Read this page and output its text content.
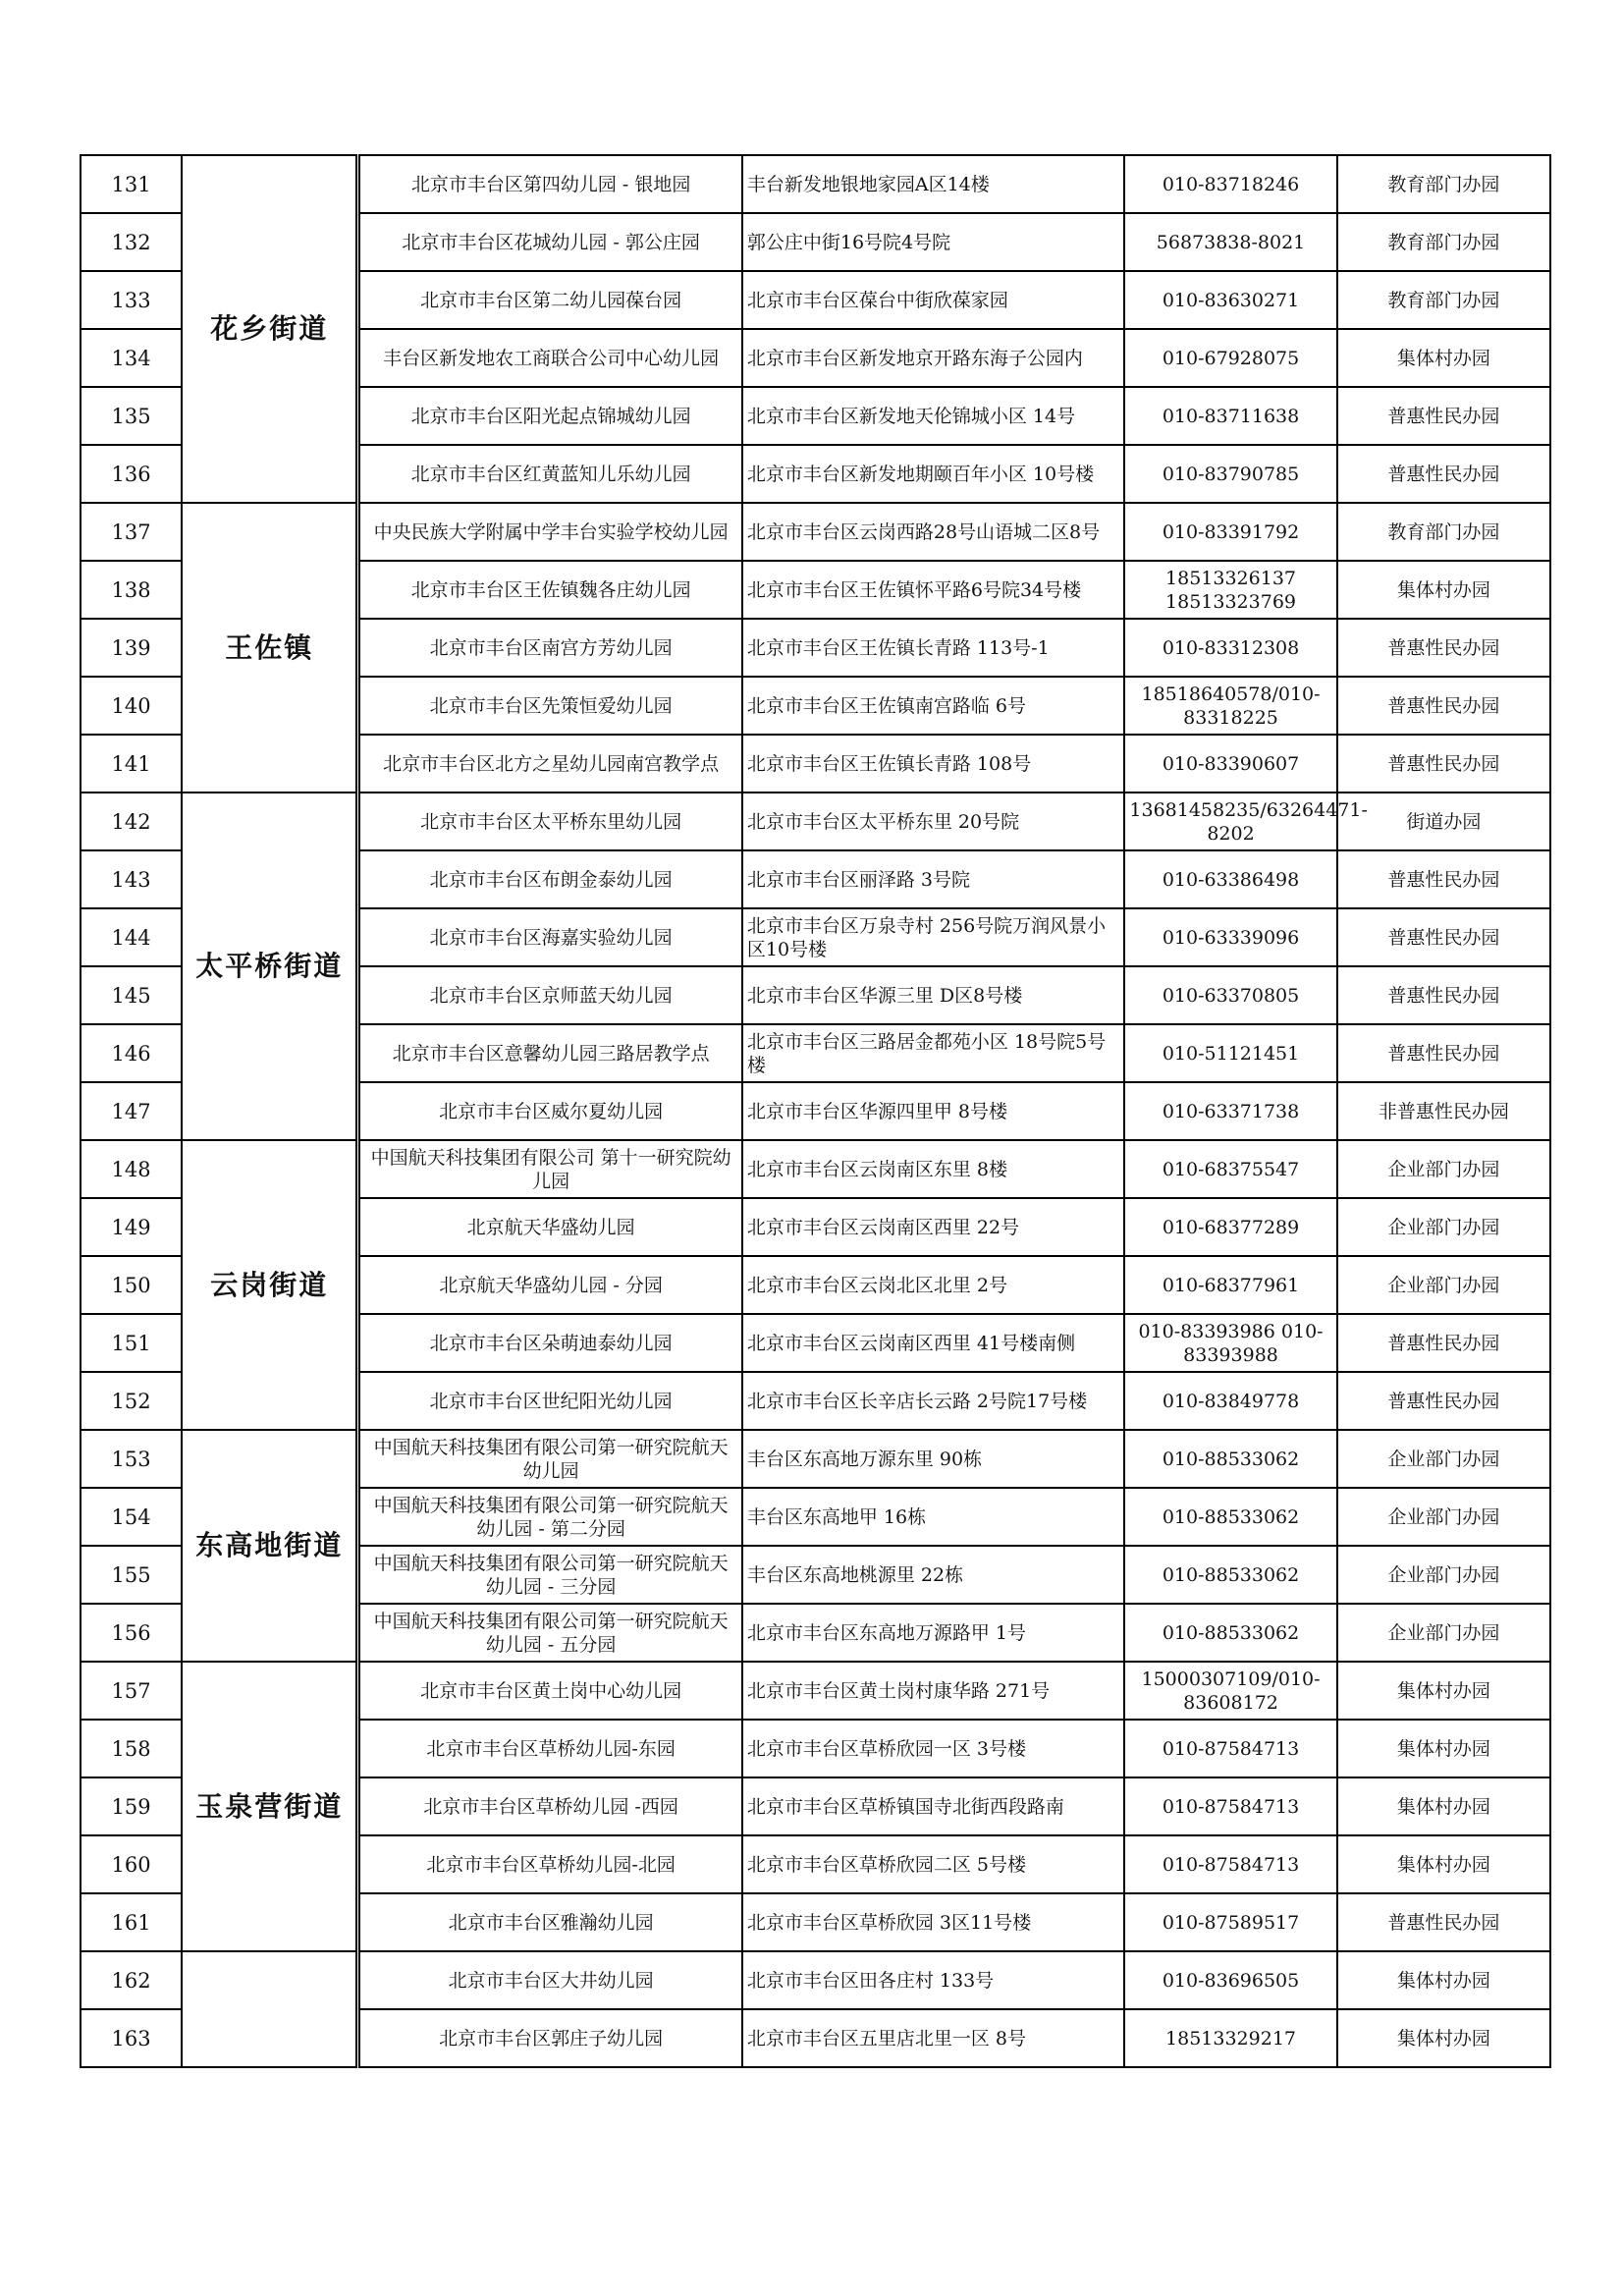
131	花乡街道		北京市丰台区第四幼儿园 - 银地园	丰台新发地银地家园A区14楼	010-83718246	教育部门办园
132			北京市丰台区花城幼儿园 - 郭公庄园	郭公庄中街16号院4号院	56873838-8021	教育部门办园
133			北京市丰台区第二幼儿园葆台园	北京市丰台区葆台中街欣葆家园	010-83630271	教育部门办园
134			丰台区新发地农工商联合公司中心幼儿园	北京市丰台区新发地京开路东海子公园内	010-67928075	集体村办园
135			北京市丰台区阳光起点锦城幼儿园	北京市丰台区新发地天伦锦城小区 14号	010-83711638	普惠性民办园
136			北京市丰台区红黄蓝知儿乐幼儿园	北京市丰台区新发地期颐百年小区 10号楼	010-83790785	普惠性民办园
137	王佐镇		中央民族大学附属中学丰台实验学校幼儿园	北京市丰台区云岗西路28号山语城二区8号	010-83391792	教育部门办园
138			北京市丰台区王佐镇魏各庄幼儿园	北京市丰台区王佐镇怀平路6号院34号楼	18513326137 18513323769	集体村办园
139			北京市丰台区南宫方芳幼儿园	北京市丰台区王佐镇长青路 113号-1	010-83312308	普惠性民办园
140			北京市丰台区先策恒爱幼儿园	北京市丰台区王佐镇南宫路临 6号	18518640578/010-83318225	普惠性民办园
141			北京市丰台区北方之星幼儿园南宫教学点	北京市丰台区王佐镇长青路 108号	010-83390607	普惠性民办园
142	太平桥街道		北京市丰台区太平桥东里幼儿园	北京市丰台区太平桥东里 20号院	13681458235/63264471-8202	街道办园
143			北京市丰台区布朗金泰幼儿园	北京市丰台区丽泽路 3号院	010-63386498	普惠性民办园
144			北京市丰台区海嘉实验幼儿园	北京市丰台区万泉寺村 256号院万润风景小区10号楼	010-63339096	普惠性民办园
145			北京市丰台区京师蓝天幼儿园	北京市丰台区华源三里 D区8号楼	010-63370805	普惠性民办园
146			北京市丰台区意馨幼儿园三路居教学点	北京市丰台区三路居金都苑小区 18号院5号楼	010-51121451	普惠性民办园
147			北京市丰台区威尔夏幼儿园	北京市丰台区华源四里甲 8号楼	010-63371738	非普惠性民办园
148	云岗街道		中国航天科技集团有限公司 第十一研究院幼儿园	北京市丰台区云岗南区东里 8楼	010-68375547	企业部门办园
149			北京航天华盛幼儿园	北京市丰台区云岗南区西里 22号	010-68377289	企业部门办园
150			北京航天华盛幼儿园 - 分园	北京市丰台区云岗北区北里 2号	010-68377961	企业部门办园
151			北京市丰台区朵萌迪泰幼儿园	北京市丰台区云岗南区西里 41号楼南侧	010-83393986 010-83393988	普惠性民办园
152			北京市丰台区世纪阳光幼儿园	北京市丰台区长辛店长云路 2号院17号楼	010-83849778	普惠性民办园
153	东高地街道		中国航天科技集团有限公司第一研究院航天幼儿园	丰台区东高地万源东里 90栋	010-88533062	企业部门办园
154			中国航天科技集团有限公司第一研究院航天幼儿园 - 第二分园	丰台区东高地甲 16栋	010-88533062	企业部门办园
155			中国航天科技集团有限公司第一研究院航天幼儿园 - 三分园	丰台区东高地桃源里 22栋	010-88533062	企业部门办园
156			中国航天科技集团有限公司第一研究院航天幼儿园 - 五分园	北京市丰台区东高地万源路甲 1号	010-88533062	企业部门办园
157	玉泉营街道		北京市丰台区黄土岗中心幼儿园	北京市丰台区黄土岗村康华路 271号	15000307109/010-83608172	集体村办园
158			北京市丰台区草桥幼儿园-东园	北京市丰台区草桥欣园一区 3号楼	010-87584713	集体村办园
159			北京市丰台区草桥幼儿园 -西园	北京市丰台区草桥镇国寺北街西段路南	010-87584713	集体村办园
160			北京市丰台区草桥幼儿园-北园	北京市丰台区草桥欣园二区 5号楼	010-87584713	集体村办园
161			北京市丰台区雅瀚幼儿园	北京市丰台区草桥欣园 3区11号楼	010-87589517	普惠性民办园
162			北京市丰台区大井幼儿园	北京市丰台区田各庄村 133号	010-83696505	集体村办园
163			北京市丰台区郭庄子幼儿园	北京市丰台区五里店北里一区 8号	18513329217	集体村办园
